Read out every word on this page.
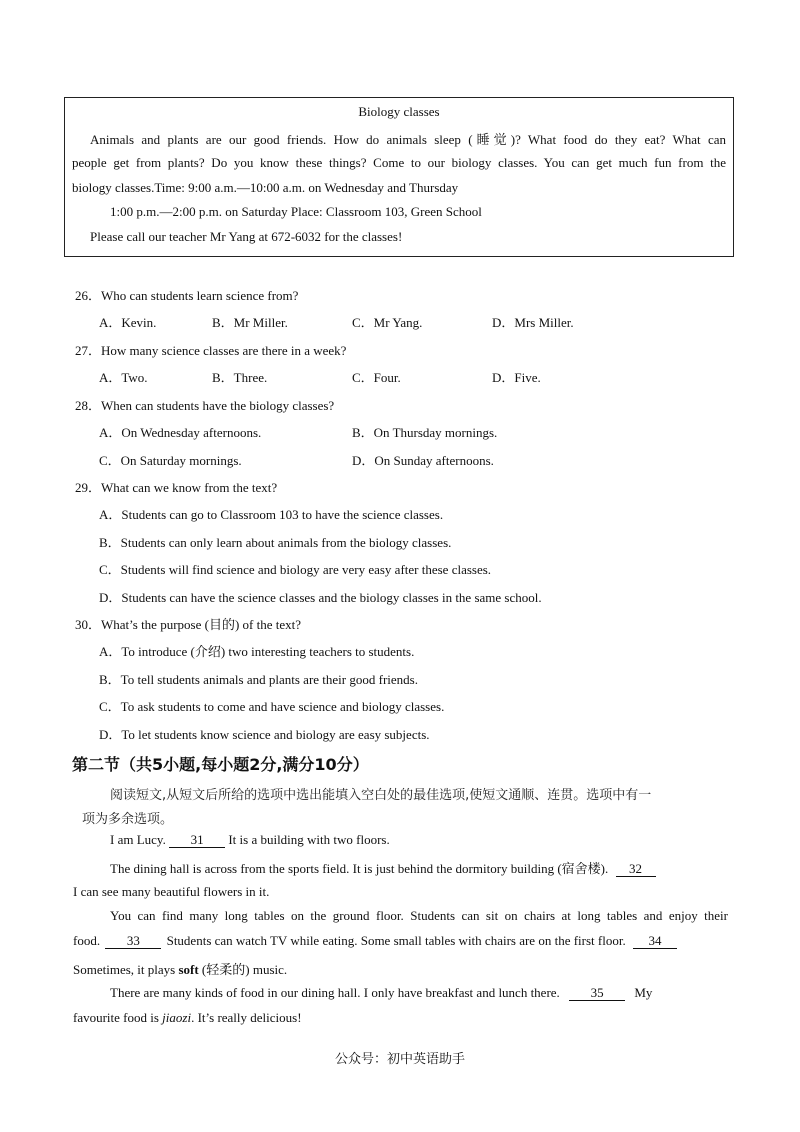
Biology classes
Animals and plants are our good friends. How do animals sleep (睡觉)? What food do they eat? What can
people get from plants? Do you know these things? Come to our biology classes. You can get much fun from the
biology classes.Time: 9:00 a.m.—10:00 a.m. on Wednesday and Thursday
1:00 p.m.—2:00 p.m. on Saturday Place: Classroom 103, Green School
Please call our teacher Mr Yang at 672-6032 for the classes!
26．Who can students learn science from?
A．Kevin.	B．Mr Miller.	C．Mr Yang.	D．Mrs Miller.
27．How many science classes are there in a week?
A．Two.	B．Three.	C．Four.	D．Five.
28．When can students have the biology classes?
A．On Wednesday afternoons.	B．On Thursday mornings.
C．On Saturday mornings.	D．On Sunday afternoons.
29．What can we know from the text?
A．Students can go to Classroom 103 to have the science classes.
B．Students can only learn about animals from the biology classes.
C．Students will find science and biology are very easy after these classes.
D．Students can have the science classes and the biology classes in the same school.
30．What’s the purpose (目的) of the text?
A．To introduce (介绍) two interesting teachers to students.
B．To tell students animals and plants are their good friends.
C．To ask students to come and have science and biology classes.
D．To let students know science and biology are easy subjects.
第二节（共5小题,每小题2分,满分10分）
阅读短文,从短文后所给的选项中选出能填入空白处的最佳选项,使短文通顺、连贯。选项中有一
项为多余选项。
I am Lucy. 31 It is a building with two floors.
The dining hall is across from the sports field. It is just behind the dormitory building (宿舍楼). 32
I can see many beautiful flowers in it.
You can find many long tables on the ground floor. Students can sit on chairs at long tables and enjoy their
food. 33 Students can watch TV while eating. Some small tables with chairs are on the first floor. 34
Sometimes, it plays soft (轻柔的) music.
There are many kinds of food in our dining hall. I only have breakfast and lunch there. 35 My
favourite food is jiaozi. It’s really delicious!
公众号：初中英语助手
